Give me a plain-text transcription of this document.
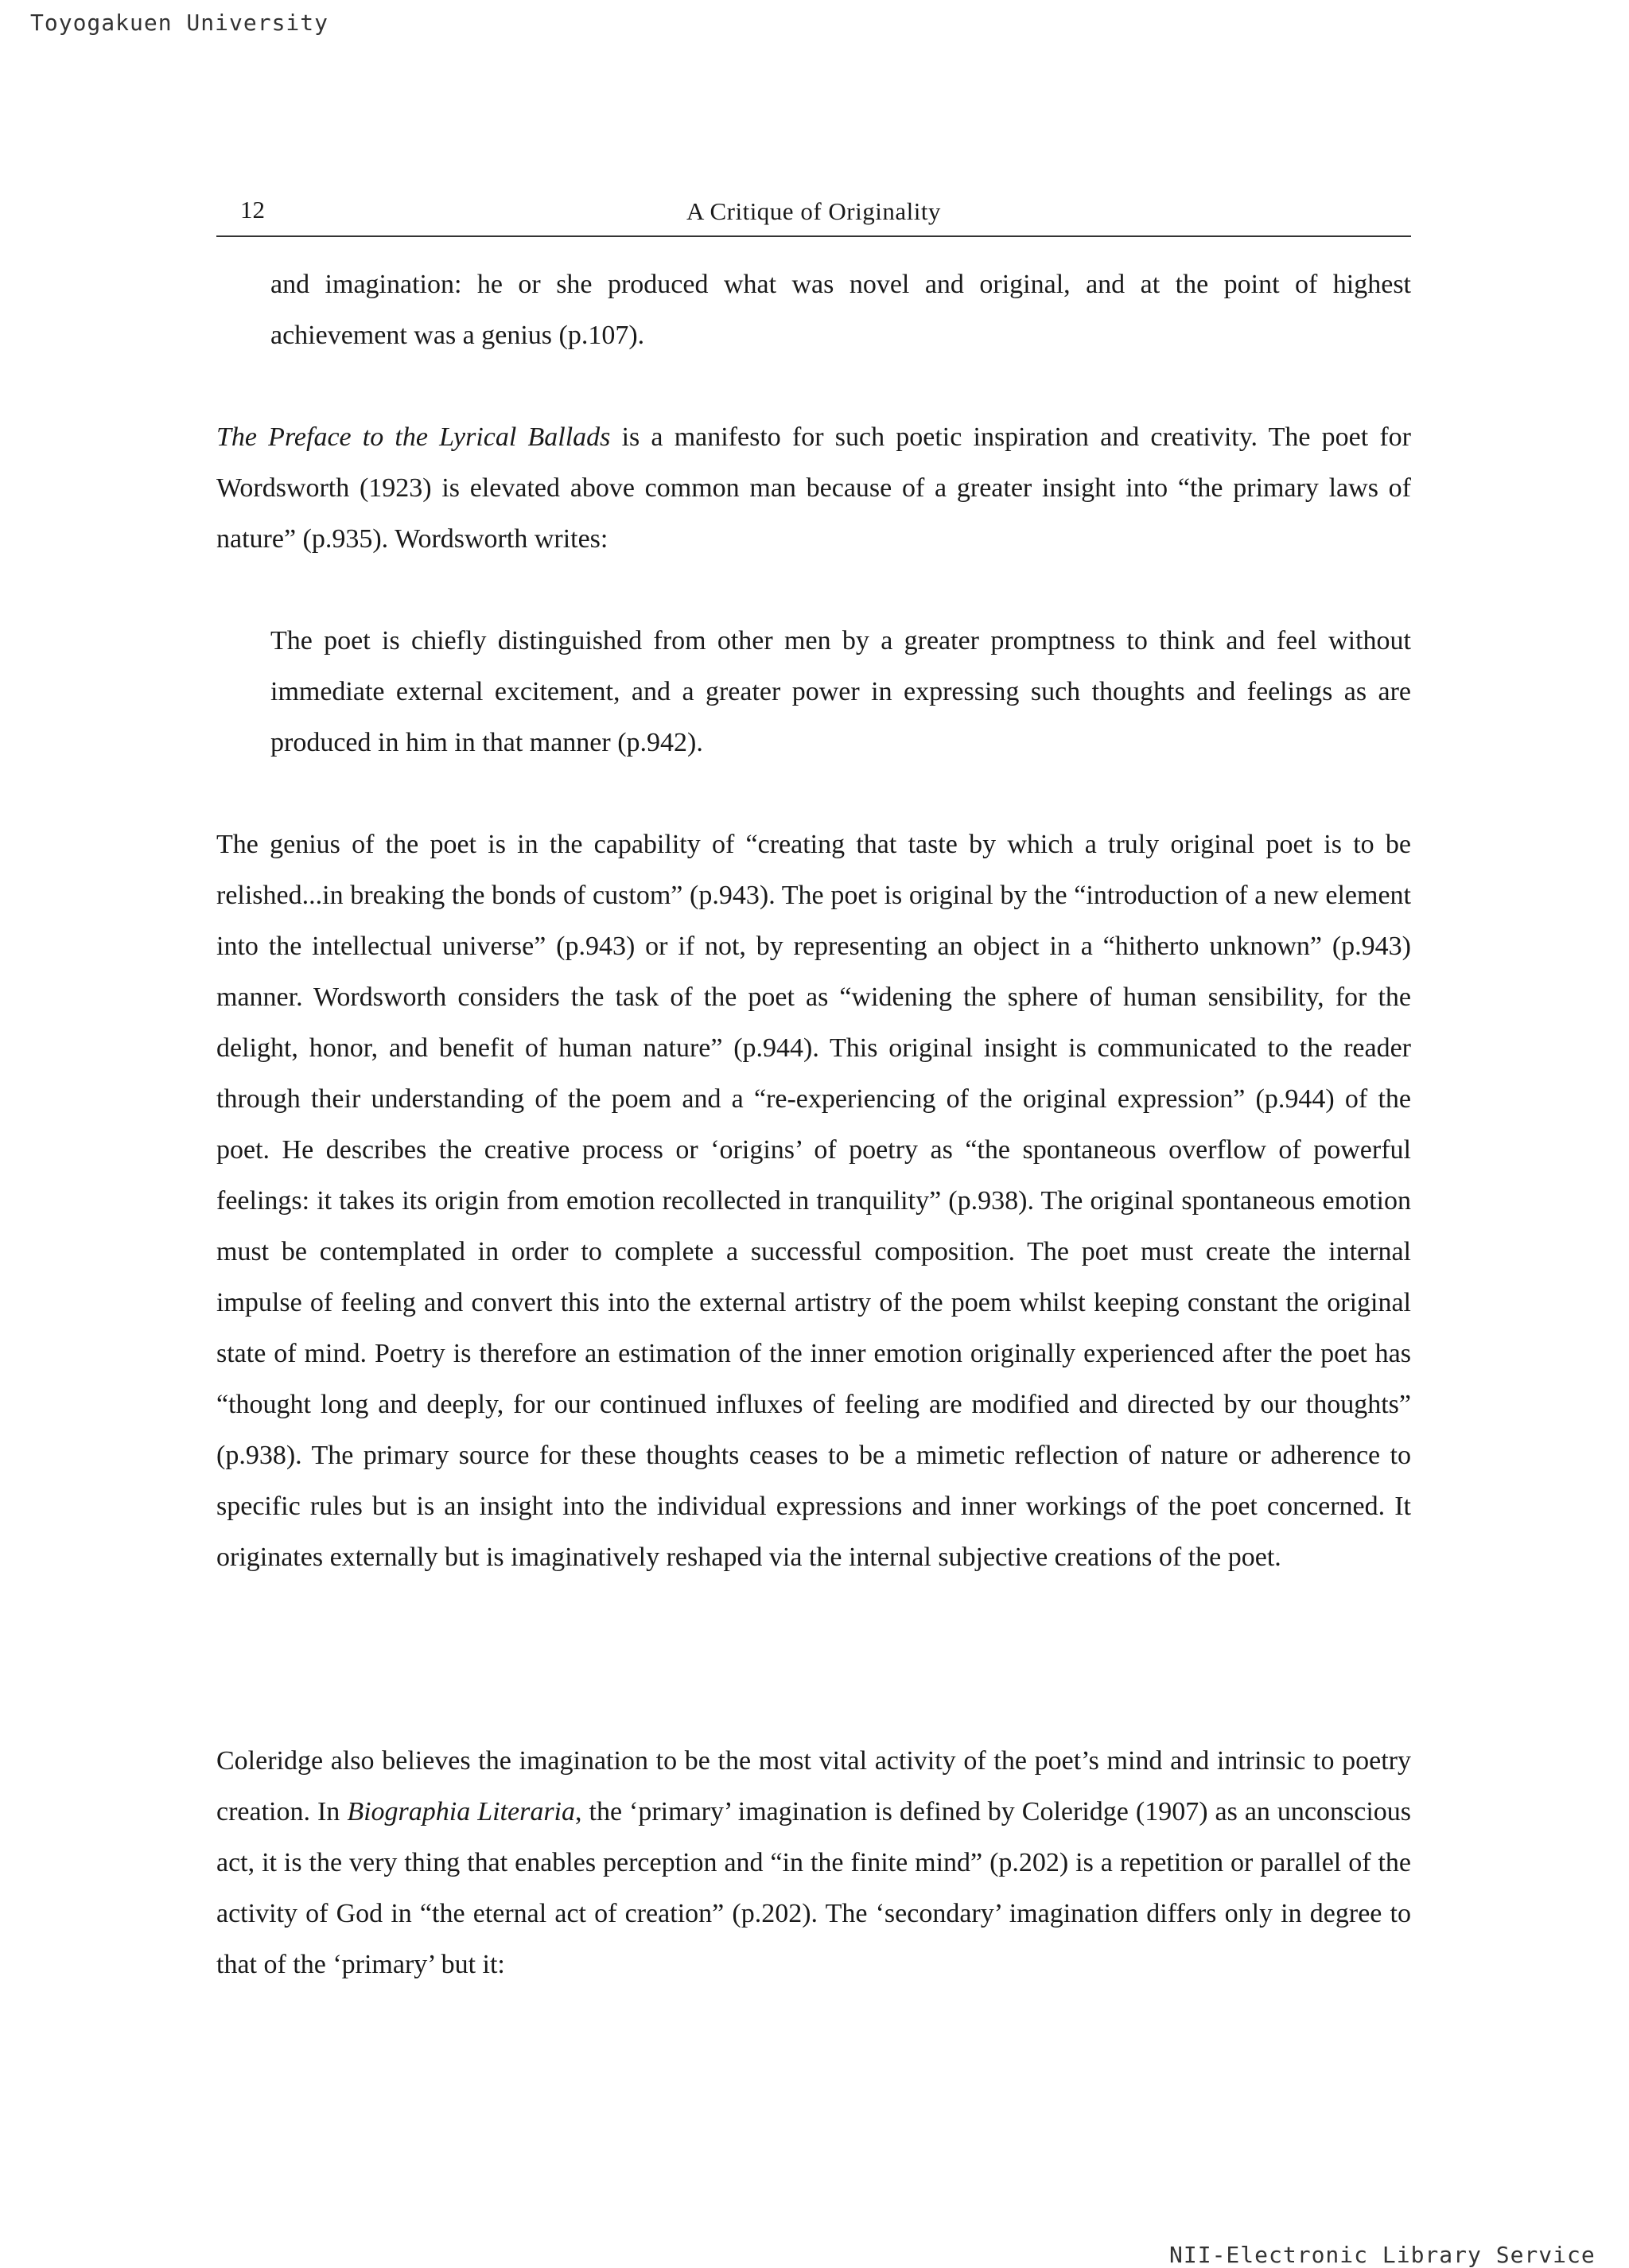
Toyogakuen University
12	A Critique of Originality

and imagination: he or she produced what was novel and original, and at the point of highest achievement was a genius (p.107).

The Preface to the Lyrical Ballads is a manifesto for such poetic inspiration and creativity. The poet for Wordsworth (1923) is elevated above common man because of a greater insight into “the primary laws of nature” (p.935). Wordsworth writes:

The poet is chiefly distinguished from other men by a greater promptness to think and feel without immediate external excitement, and a greater power in expressing such thoughts and feelings as are produced in him in that manner (p.942).

The genius of the poet is in the capability of “creating that taste by which a truly original poet is to be relished...in breaking the bonds of custom” (p.943). The poet is original by the “introduction of a new element into the intellectual universe” (p.943) or if not, by representing an object in a “hitherto unknown” (p.943) manner. Wordsworth considers the task of the poet as “widening the sphere of human sensibility, for the delight, honor, and benefit of human nature” (p.944). This original insight is communicated to the reader through their understanding of the poem and a “re-experiencing of the original expression” (p.944) of the poet. He describes the creative process or ‘origins’ of poetry as “the spontaneous overflow of powerful feelings: it takes its origin from emotion recollected in tranquility” (p.938). The original spontaneous emotion must be contemplated in order to complete a successful composition. The poet must create the internal impulse of feeling and convert this into the external artistry of the poem whilst keeping constant the original state of mind. Poetry is therefore an estimation of the inner emotion originally experienced after the poet has “thought long and deeply, for our continued influxes of feeling are modified and directed by our thoughts” (p.938). The primary source for these thoughts ceases to be a mimetic reflection of nature or adherence to specific rules but is an insight into the individual expressions and inner workings of the poet concerned. It originates externally but is imaginatively reshaped via the internal subjective creations of the poet.

Coleridge also believes the imagination to be the most vital activity of the poet’s mind and intrinsic to poetry creation. In Biographia Literaria, the ‘primary’ imagination is defined by Coleridge (1907) as an unconscious act, it is the very thing that enables perception and “in the finite mind” (p.202) is a repetition or parallel of the activity of God in “the eternal act of creation” (p.202). The ‘secondary’ imagination differs only in degree to that of the ‘primary’ but it:

NII-Electronic Library Service
